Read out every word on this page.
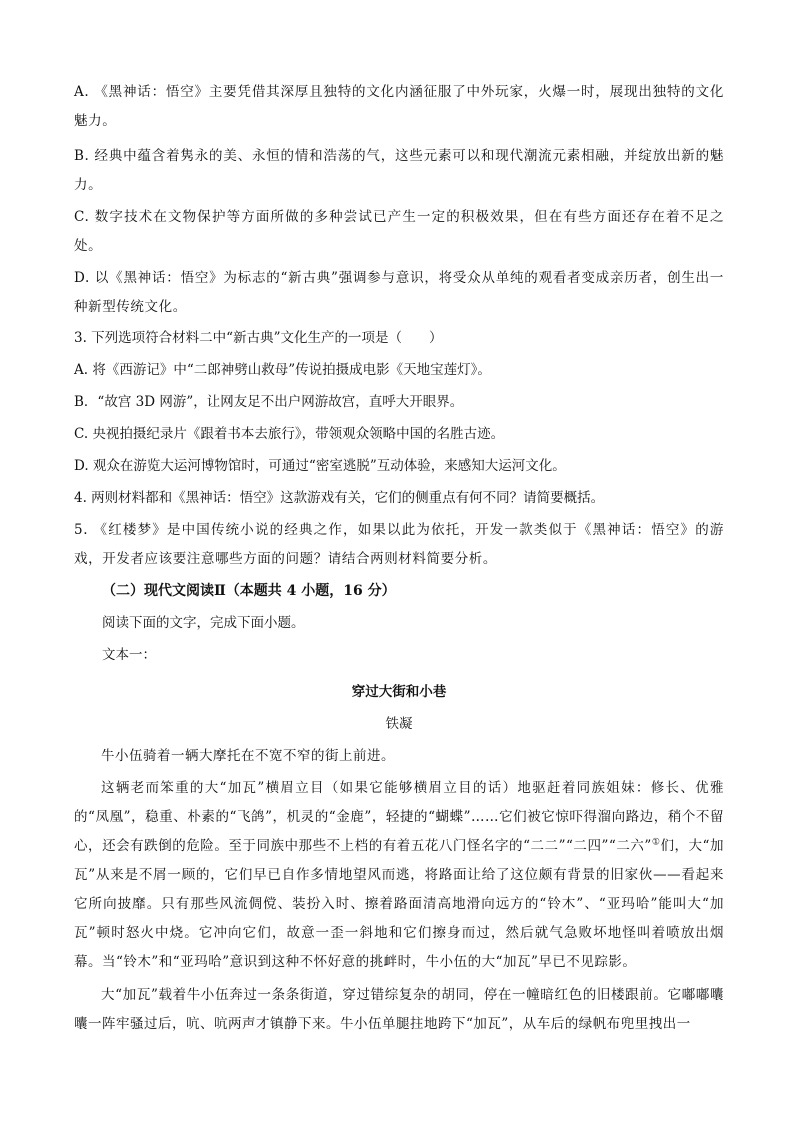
A. 《黑神话：悟空》主要凭借其深厚且独特的文化内涵征服了中外玩家，火爆一时，展现出独特的文化魅力。
B. 经典中蕴含着隽永的美、永恒的情和浩荡的气，这些元素可以和现代潮流元素相融，并绽放出新的魅力。
C. 数字技术在文物保护等方面所做的多种尝试已产生一定的积极效果，但在有些方面还存在着不足之处。
D. 以《黑神话：悟空》为标志的“新古典”强调参与意识，将受众从单纯的观看者变成亲历者，创生出一种新型传统文化。
3. 下列选项符合材料二中“新古典”文化生产的一项是（　　）
A. 将《西游记》中“二郎神劈山救母”传说拍摄成电影《天地宝莲灯》。
B．“故宫 3D 网游”，让网友足不出户网游故宫，直呼大开眼界。
C. 央视拍摄纪录片《跟着书本去旅行》，带领观众领略中国的名胜古迹。
D. 观众在游览大运河博物馆时，可通过“密室逃脱”互动体验，来感知大运河文化。
4. 两则材料都和《黑神话：悟空》这款游戏有关，它们的侧重点有何不同？请简要概括。
5. 《红楼梦》是中国传统小说的经典之作，如果以此为依托，开发一款类似于《黑神话：悟空》的游戏，开发者应该要注意哪些方面的问题？请结合两则材料简要分析。
（二）现代文阅读Ⅱ（本题共 4 小题，16 分）
阅读下面的文字，完成下面小题。
文本一：
穿过大街和小巷
铁凝

牛小伍骑着一辆大摩托在不宽不窄的街上前进。

这辆老而笨重的大“加瓦”横眉立目（如果它能够横眉立目的话）地驱赶着同族姐妹：修长、优雅的“凤凰”，稳重、朴素的“飞鸽”，机灵的“金鹿”，轻捷的“蝴蝶”……它们被它惊吓得溜向路边，稍个不留心，还会有跌倒的危险。至于同族中那些不上档的有着五花八门怪名字的“二二”“二四”“二六”①们，大“加瓦”从来是不屑一顾的，它们早已自作多情地望风而逃，将路面让给了这位颇有背景的旧家伙——看起来它所向披靡。只有那些风流倜傥、装扮入时、擦着路面清高地滑向远方的“铃木”、“亚玛哈”能叫大“加瓦”顿时怒火中烧。它冲向它们，故意一歪一斜地和它们擦身而过，然后就气急败坏地怪叫着喷放出烟幕。当“铃木”和“亚玛哈”意识到这种不怀好意的挑衅时，牛小伍的大“加瓦”早已不见踪影。

大“加瓦”载着牛小伍奔过一条条街道，穿过错综复杂的胡同，停在一幢暗红色的旧楼跟前。它嘟嘟囔囔一阵牢骚过后，吭、吭两声才镇静下来。牛小伍单腿拄地跨下“加瓦”，从车后的绿帆布兜里拽出一
